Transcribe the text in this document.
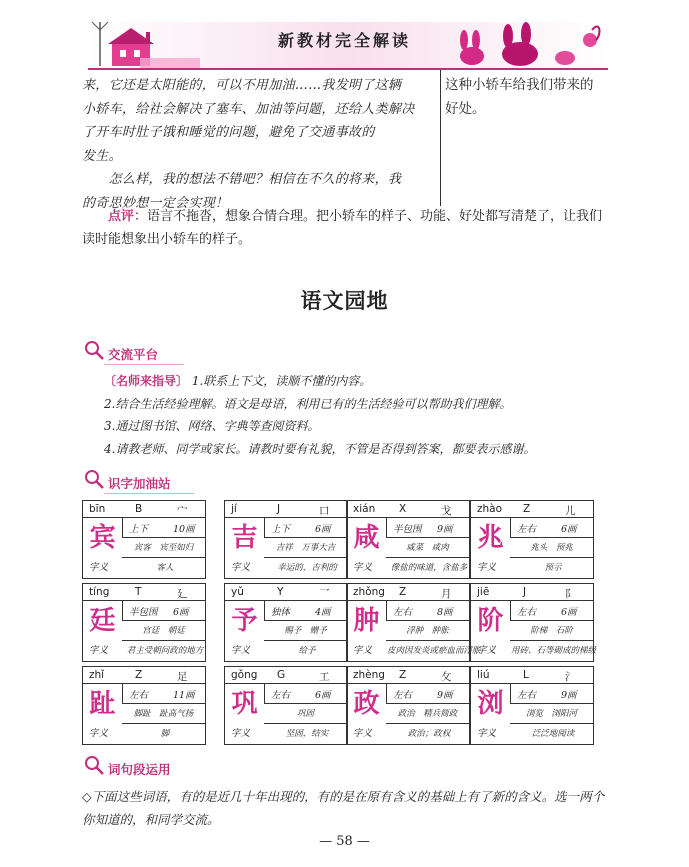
新教材完全解读
来，它还是太阳能的，可以不用加油……我发明了这辆
小轿车，给社会解决了塞车、加油等问题，还给人类解决
了开车时肚子饿和睡觉的问题，避免了交通事故的
发生。
　　怎么样，我的想法不错吧？相信在不久的将来，我
的奇思妙想一定会实现！
这种小轿车给我们带来的
好处。
　　点评：语言不拖沓，想象合情合理。把小轿车的样子、功能、好处都写清楚了，让我们读时能想象出小轿车的样子。
语文园地
交流平台
〔名师来指导〕 1.联系上下文，读顺不懂的内容。
2.结合生活经验理解。语文是母语，利用已有的生活经验可以帮助我们理解。
3.通过图书馆、网络、字典等查阅资料。
4.请教老师、同学或家长。请教时要有礼貌，不管是否得到答案，都要表示感谢。
识字加油站
bīn	B	宀
宾	上下	10画
宾客　宾至如归
字义	客人
jí	J	口
吉	上下	6画
吉祥　万事大吉
字义	幸运的，吉利的
xián X	戈
咸	半包围 9画
咸菜　咸肉
字义	像盐的味道，含盐多
zhào Z	儿
兆	左右	6画
兆头　预兆
字义	预示
tíng T	廴
廷	半包围 6画
宫廷　朝廷
字义	君主受朝问政的地方
yǔ	Y	乛
予	独体	4画
赐予　赠予
字义	给予
zhǒng Z	月
肿	左右	8画
浮肿　肿胀
字义 皮肉因发炎或瘀血而浮胀
jiē	J	阝
阶	左右	6画
阶梯　石阶
字义 用砖、石等砌成的梯级
zhǐ	Z	足
趾	左右	11画
脚趾　趾高气扬
字义	脚
gǒng G	工
巩	左右	6画
巩固
字义	坚固，结实
zhèng Z	攵
政	左右	9画
政治　精兵简政
字义	政治；政权
liú	L	氵
浏	左右	9画
浏览　浏阳河
字义	泛泛地阅读
词句段运用
◇下面这些词语，有的是近几十年出现的，有的是在原有含义的基础上有了新的含义。选一两个你知道的，和同学交流。
— 58 —
